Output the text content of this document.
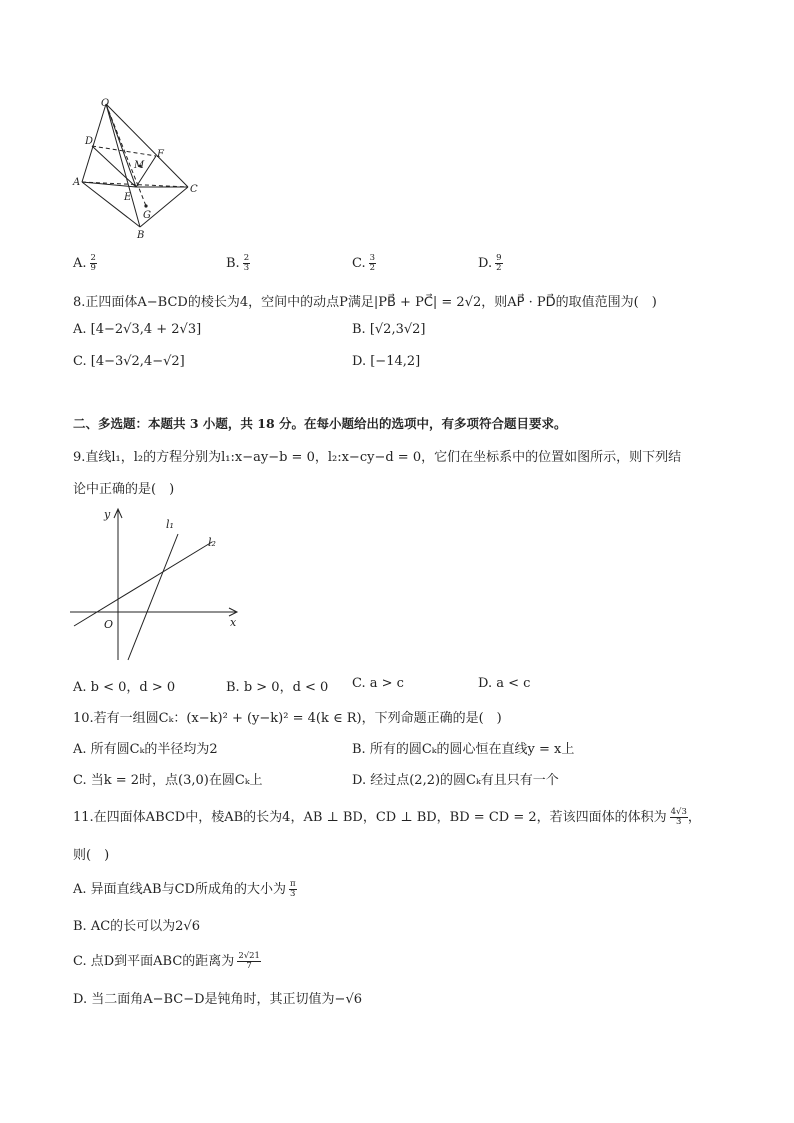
O
D
F
M
A
C
E
G
B
A. $\frac{2}{9}$	B. $\frac{2}{3}$	C. $\frac{3}{2}$	D. $\frac{9}{2}$
8.正四面体A−BCD的棱长为4，空间中的动点P满足|PB⃗ + PC⃗| = 2√2，则AP⃗ · PD⃗的取值范围为(　)
A. [4−2√3,4 + 2√3]	B. [√2,3√2]
C. [4−3√2,4−√2]	D. [−14,2]
二、多选题：本题共 3 小题，共 18 分。在每小题给出的选项中，有多项符合题目要求。
9.直线l₁，l₂的方程分别为l₁:x−ay−b = 0，l₂:x−cy−d = 0，它们在坐标系中的位置如图所示，则下列结
论中正确的是(　)
y
x
O
l₁
l₂
A. b < 0，d > 0	B. b > 0，d < 0 C. a > c	D. a < c
10.若有一组圆Cₖ：(x−k)² + (y−k)² = 4(k ∈ R)，下列命题正确的是(　)
A. 所有圆Cₖ的半径均为2	B. 所有的圆Cₖ的圆心恒在直线y = x上
C. 当k = 2时，点(3,0)在圆Cₖ上	D. 经过点(2,2)的圆Cₖ有且只有一个
11.在四面体ABCD中，棱AB的长为4，AB ⊥ BD，CD ⊥ BD，BD = CD = 2，若该四面体的体积为 $\frac{4√3}{3}$ ，
则(　)
A. 异面直线AB与CD所成角的大小为 $\frac{\pi}{3}$
B. AC的长可以为2√6
C. 点D到平面ABC的距离为 $\frac{2√21}{7}$
D. 当二面角A−BC−D是钝角时，其正切值为−√6
